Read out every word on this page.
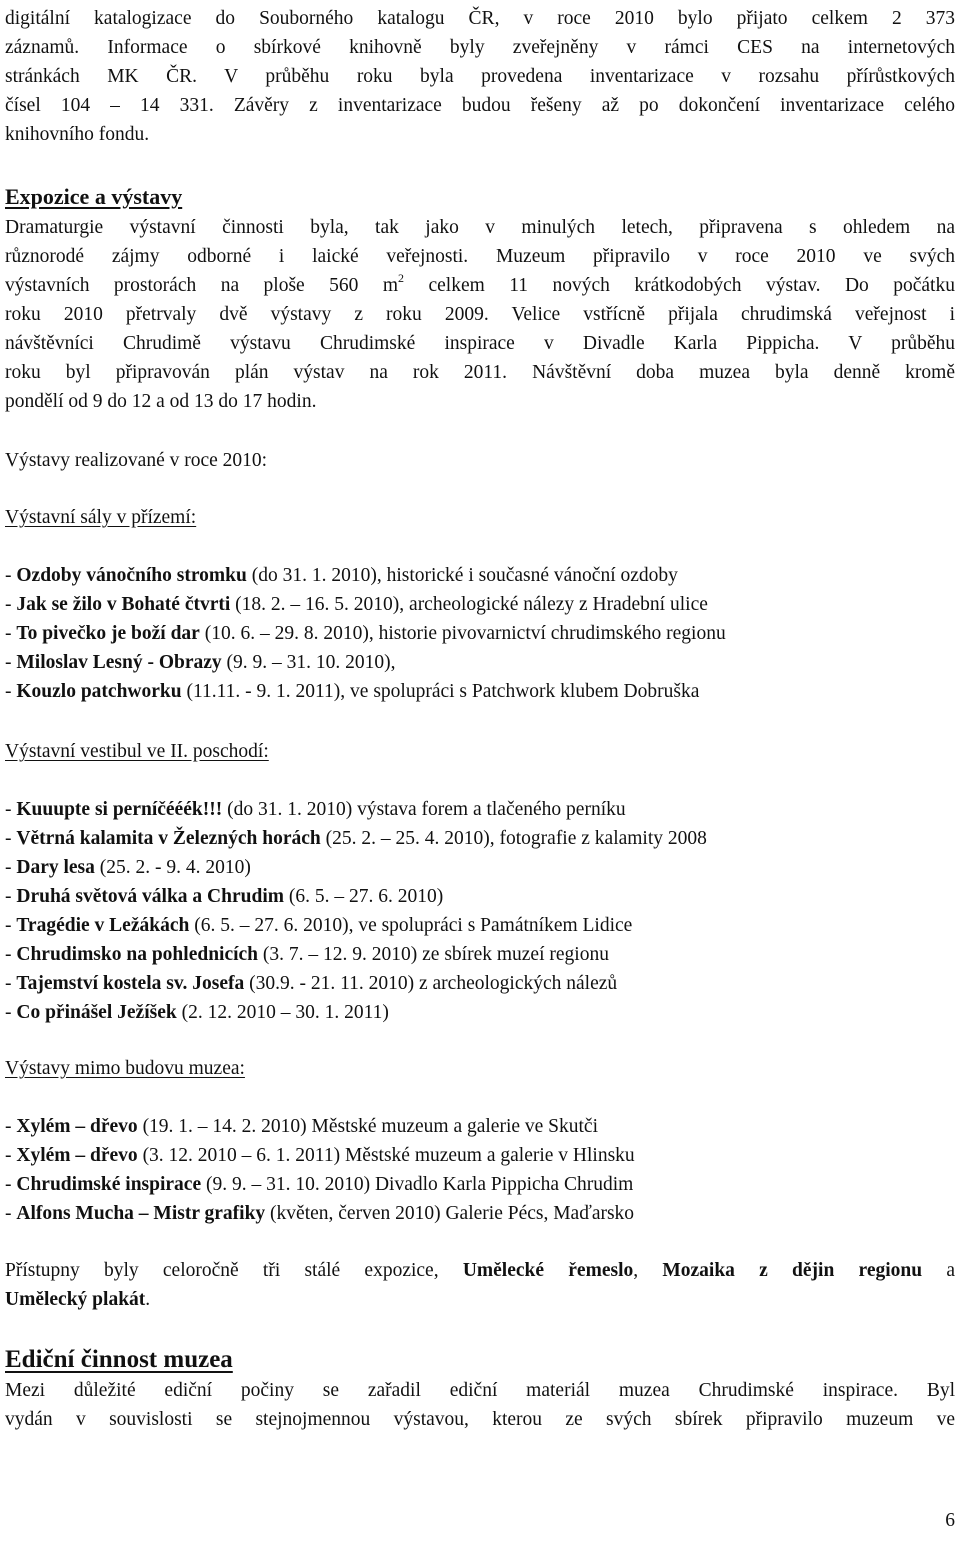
digitální katalogizace do Souborného katalogu ČR, v roce 2010 bylo přijato celkem 2 373
záznamů. Informace o sbírkové knihovně byly zveřejněny v rámci CES na internetových
stránkách MK ČR. V průběhu roku byla provedena inventarizace v rozsahu přírůstkových
čísel 104 – 14 331. Závěry z inventarizace budou řešeny až po dokončení inventarizace celého
knihovního fondu.
Expozice a výstavy
Dramaturgie výstavní činnosti byla, tak jako v minulých letech, připravena s ohledem na
různorodé zájmy odborné i laické veřejnosti. Muzeum připravilo v roce 2010 ve svých
výstavních prostorách na ploše 560 $m^2$ celkem 11 nových krátkodobých výstav. Do počátku
roku 2010 přetrvaly dvě výstavy z roku 2009. Velice vstřícně přijala chrudimská veřejnost i
návštěvníci Chrudimě výstavu Chrudimské inspirace v Divadle Karla Pippicha. V průběhu
roku byl připravován plán výstav na rok 2011. Návštěvní doba muzea byla denně kromě
pondělí od 9 do 12 a od 13 do 17 hodin.
Výstavy realizované v roce 2010:
Výstavní sály v přízemí:
- Ozdoby vánočního stromku (do 31. 1. 2010), historické i současné vánoční ozdoby
- Jak se žilo v Bohaté čtvrti (18. 2. – 16. 5. 2010), archeologické nálezy z Hradební ulice
- To pivečko je boží dar (10. 6. – 29. 8. 2010), historie pivovarnictví chrudimského regionu
- Miloslav Lesný - Obrazy (9. 9. – 31. 10. 2010),
- Kouzlo patchworku (11.11. - 9. 1. 2011), ve spolupráci s Patchwork klubem Dobruška
Výstavní vestibul ve II. poschodí:
- Kuuupte si perníčééék!!! (do 31. 1. 2010) výstava forem a tlačeného perníku
- Větrná kalamita v Železných horách (25. 2. – 25. 4. 2010), fotografie z kalamity 2008
- Dary lesa (25. 2. - 9. 4. 2010)
- Druhá světová válka a Chrudim (6. 5. – 27. 6. 2010)
- Tragédie v Ležákách (6. 5. – 27. 6. 2010), ve spolupráci s Památníkem Lidice
- Chrudimsko na pohlednicích (3. 7. – 12. 9. 2010) ze sbírek muzeí regionu
- Tajemství kostela sv. Josefa (30.9. - 21. 11. 2010) z archeologických nálezů
- Co přinášel Ježíšek (2. 12. 2010 – 30. 1. 2011)
Výstavy mimo budovu muzea:
- Xylém – dřevo (19. 1. – 14. 2. 2010) Městské muzeum a galerie ve Skutči
- Xylém – dřevo (3. 12. 2010 – 6. 1. 2011) Městské muzeum a galerie v Hlinsku
- Chrudimské inspirace (9. 9. – 31. 10. 2010) Divadlo Karla Pippicha Chrudim
- Alfons Mucha – Mistr grafiky (květen, červen 2010) Galerie Pécs, Maďarsko
Přístupny byly celoročně tři stálé expozice, Umělecké řemeslo, Mozaika z dějin regionu a
Umělecký plakát.
Ediční činnost muzea
Mezi důležité ediční počiny se zařadil ediční materiál muzea Chrudimské inspirace. Byl
vydán v souvislosti se stejnojmennou výstavou, kterou ze svých sbírek připravilo muzeum ve
6
